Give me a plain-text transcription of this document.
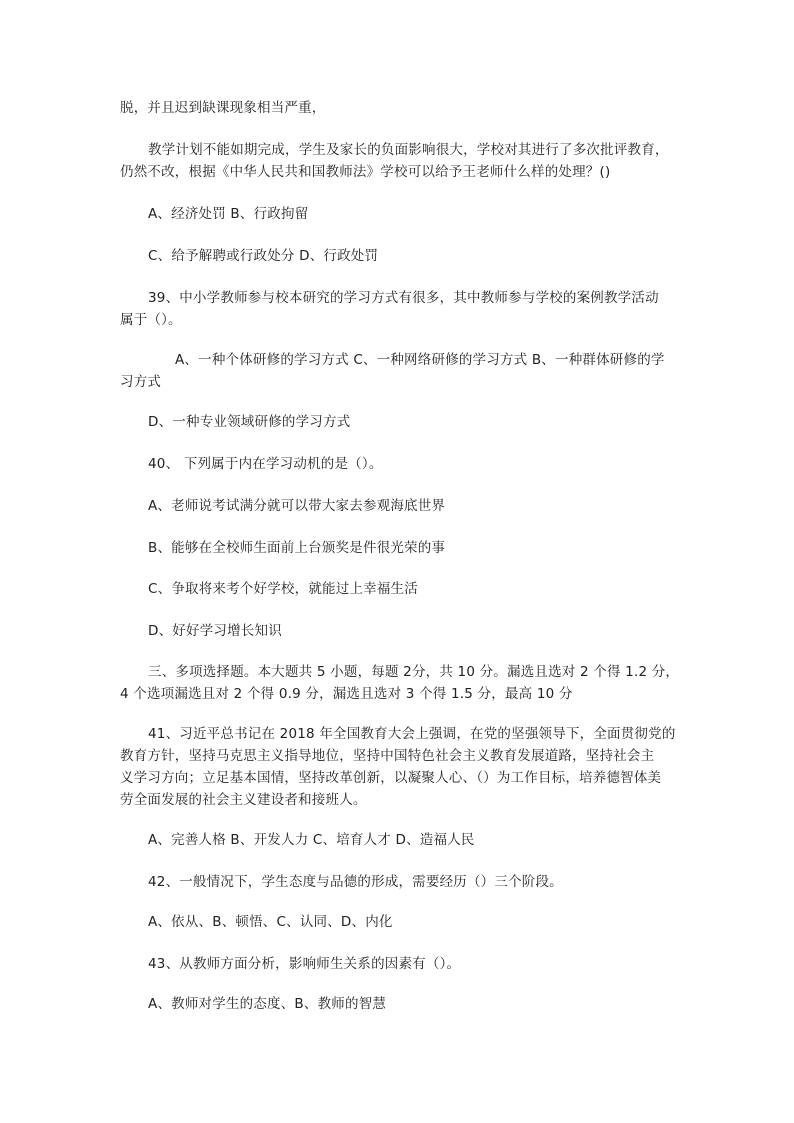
脱，并且迟到缺课现象相当严重，
教学计划不能如期完成，学生及家长的负面影响很大，学校对其进行了多次批评教育，
仍然不改，根据《中华人民共和国教师法》学校可以给予王老师什么样的处理？()
A、经济处罚 B、行政拘留
C、给予解聘或行政处分 D、行政处罚
39、中小学教师参与校本研究的学习方式有很多，其中教师参与学校的案例教学活动
属于（）。
A、一种个体研修的学习方式 C、一种网络研修的学习方式 B、一种群体研修的学
习方式
D、一种专业领域研修的学习方式
40、 下列属于内在学习动机的是（）。
A、老师说考试满分就可以带大家去参观海底世界
B、能够在全校师生面前上台颁奖是件很光荣的事
C、争取将来考个好学校，就能过上幸福生活
D、好好学习增长知识
三、多项选择题。本大题共 5 小题，每题 2分，共 10 分。漏选且选对 2 个得 1.2 分，
4 个选项漏选且对 2 个得 0.9 分，漏选且选对 3 个得 1.5 分，最高 10 分
41、习近平总书记在 2018 年全国教育大会上强调，在党的坚强领导下，全面贯彻党的
教育方针，坚持马克思主义指导地位，坚持中国特色社会主义教育发展道路，坚持社会主
义学习方向；立足基本国情，坚持改革创新，以凝聚人心、（）为工作目标，培养德智体美
劳全面发展的社会主义建设者和接班人。
A、完善人格 B、开发人力 C、培育人才 D、造福人民
42、一般情况下，学生态度与品德的形成，需要经历（）三个阶段。
A、依从、B、顿悟、C、认同、D、内化
43、从教师方面分析，影响师生关系的因素有（）。
A、教师对学生的态度、B、教师的智慧
